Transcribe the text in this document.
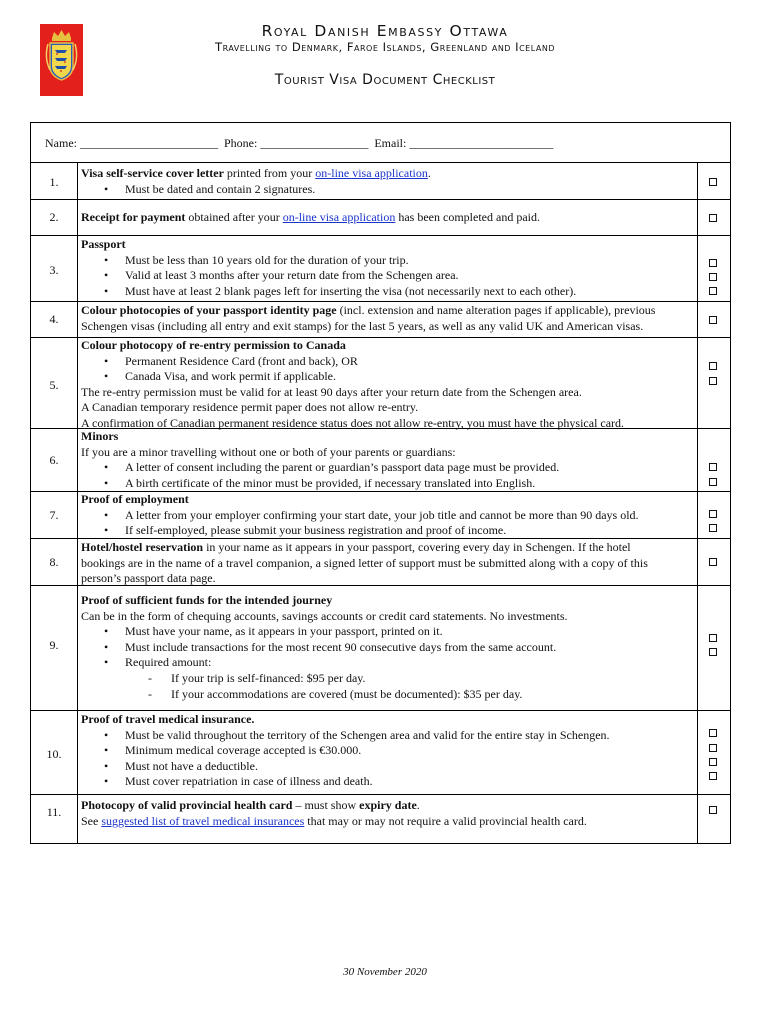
Royal Danish Embassy Ottawa
Travelling to Denmark, Faroe Islands, Greenland and Iceland
Tourist Visa Document Checklist
Name: _______________________ Phone: __________________ Email: ________________________
1.

Visa self-service cover letter printed from your on-line visa application.

• Must be dated and contain 2 signatures.

2.	Receipt for payment obtained after your on-line visa application has been completed and paid.

3.

Passport

• Must be less than 10 years old for the duration of your trip.

• Valid at least 3 months after your return date from the Schengen area.

• Must have at least 2 blank pages left for inserting the visa (not necessarily next to each other).

4.

Colour photocopies of your passport identity page (incl. extension and name alteration pages if applicable), previous

Schengen visas (including all entry and exit stamps) for the last 5 years, as well as any valid UK and American visas.

5.

Colour photocopy of re-entry permission to Canada

• Permanent Residence Card (front and back), OR

• Canada Visa, and work permit if applicable.

The re-entry permission must be valid for at least 90 days after your return date from the Schengen area.

A Canadian temporary residence permit paper does not allow re-entry.

A confirmation of Canadian permanent residence status does not allow re-entry, you must have the physical card.

6.

Minors

If you are a minor travelling without one or both of your parents or guardians:

• A letter of consent including the parent or guardian’s passport data page must be provided.

• A birth certificate of the minor must be provided, if necessary translated into English.

7.

Proof of employment

• A letter from your employer confirming your start date, your job title and cannot be more than 90 days old.

• If self-employed, please submit your business registration and proof of income.

8.

Hotel/hostel reservation in your name as it appears in your passport, covering every day in Schengen. If the hotel

bookings are in the name of a travel companion, a signed letter of support must be submitted along with a copy of this

person’s passport data page.

9.

Proof of sufficient funds for the intended journey

Can be in the form of chequing accounts, savings accounts or credit card statements. No investments.

• Must have your name, as it appears in your passport, printed on it.

• Must include transactions for the most recent 90 consecutive days from the same account.

• Required amount:

- If your trip is self-financed: $95 per day.

- If your accommodations are covered (must be documented): $35 per day.

10.

Proof of travel medical insurance.

• Must be valid throughout the territory of the Schengen area and valid for the entire stay in Schengen.

• Minimum medical coverage accepted is €30.000.

• Must not have a deductible.

• Must cover repatriation in case of illness and death.

11.	Photocopy of valid provincial health card – must show expiry date.

See suggested list of travel medical insurances that may or may not require a valid provincial health card.

30 November 2020
